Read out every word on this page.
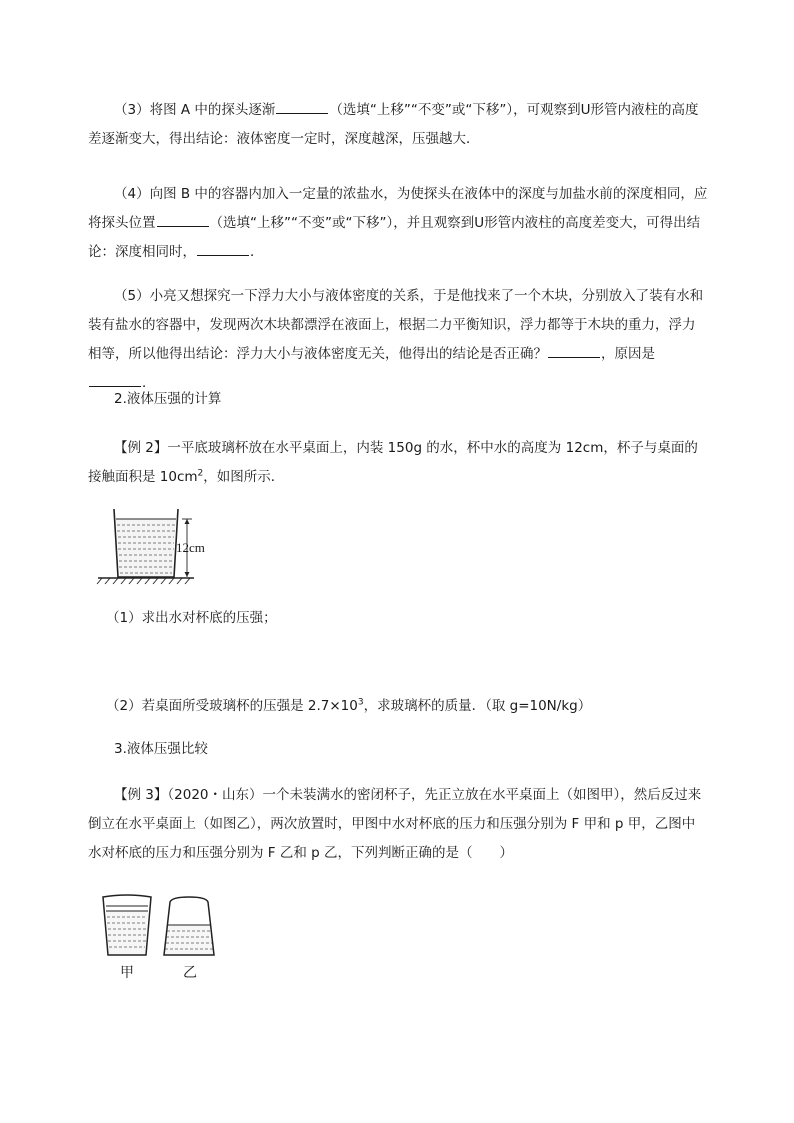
（3）将图 A 中的探头逐渐	（选填“上移”“不变”或“下移”），可观察到U形管内液柱的高度差逐渐变大，得出结论：液体密度一定时，深度越深，压强越大．

（4）向图 B 中的容器内加入一定量的浓盐水，为使探头在液体中的深度与加盐水前的深度相同，应将探头位置	（选填“上移”“不变”或“下移”），并且观察到U形管内液柱的高度差变大，可得出结论：深度相同时，	．

（5）小亮又想探究一下浮力大小与液体密度的关系，于是他找来了一个木块，分别放入了装有水和装有盐水的容器中，发现两次木块都漂浮在液面上，根据二力平衡知识，浮力都等于木块的重力，浮力相等，所以他得出结论：浮力大小与液体密度无关，他得出的结论是否正确？	，原因是．

2.液体压强的计算

【例 2】一平底玻璃杯放在水平桌面上，内装 150g 的水，杯中水的高度为 12cm，杯子与桌面的接触面积是 $10cm^2$，如图所示．

12cm

（1）求出水对杯底的压强；

（2）若桌面所受玻璃杯的压强是 $2.7\times 10^3$，求玻璃杯的质量．（取 g=10N/kg）

3.液体压强比较

【例 3】（2020・山东）一个未装满水的密闭杯子，先正立放在水平桌面上（如图甲），然后反过来倒立在水平桌面上（如图乙），两次放置时，甲图中水对杯底的压力和压强分别为 F 甲和 p 甲，乙图中水对杯底的压力和压强分别为 F 乙和 p 乙，下列判断正确的是（　　）

甲	乙
